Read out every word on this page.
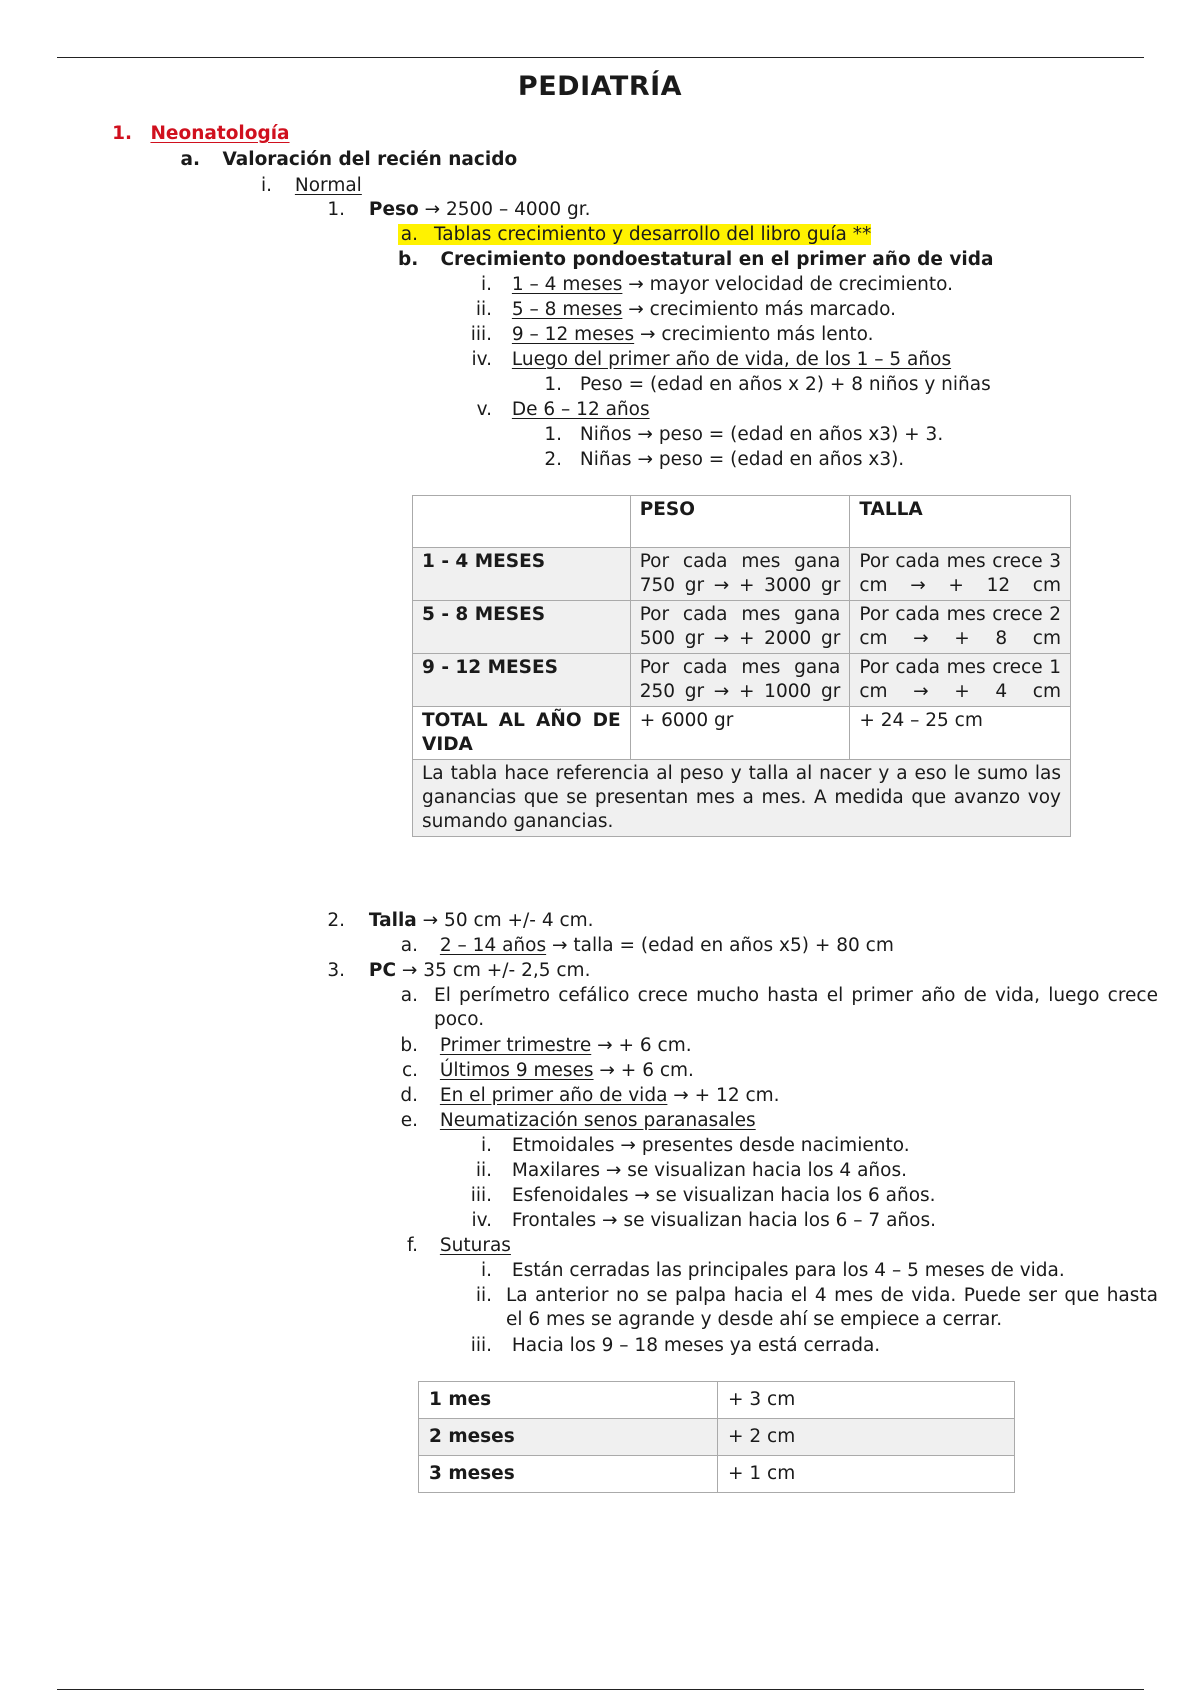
PEDIATRÍA
1. Neonatología
a. Valoración del recién nacido
i. Normal
1. Peso → 2500 – 4000 gr.
a. Tablas crecimiento y desarrollo del libro guía **
b. Crecimiento pondoestatural en el primer año de vida
i. 1 – 4 meses → mayor velocidad de crecimiento.
ii. 5 – 8 meses → crecimiento más marcado.
iii. 9 – 12 meses → crecimiento más lento.
iv. Luego del primer año de vida, de los 1 – 5 años
1. Peso = (edad en años x 2) + 8 niños y niñas
v. De 6 – 12 años
1. Niños → peso = (edad en años x3) + 3.
2. Niñas → peso = (edad en años x3).
	PESO	TALLA
1 - 4 MESES	Por cada mes gana 750 gr → + 3000 gr	Por cada mes crece 3 cm → + 12 cm
5 - 8 MESES	Por cada mes gana 500 gr → + 2000 gr	Por cada mes crece 2 cm → + 8 cm
9 - 12 MESES	Por cada mes gana 250 gr → + 1000 gr	Por cada mes crece 1 cm → + 4 cm
TOTAL AL AÑO DE VIDA	+ 6000 gr	+ 24 – 25 cm
La tabla hace referencia al peso y talla al nacer y a eso le sumo las ganancias que se presentan mes a mes. A medida que avanzo voy sumando ganancias.		
2. Talla → 50 cm +/- 4 cm.
a. 2 – 14 años → talla = (edad en años x5) + 80 cm
3. PC → 35 cm +/- 2,5 cm.
a. El perímetro cefálico crece mucho hasta el primer año de vida, luego crece poco.
b. Primer trimestre → + 6 cm.
c. Últimos 9 meses → + 6 cm.
d. En el primer año de vida → + 12 cm.
e. Neumatización senos paranasales
i. Etmoidales → presentes desde nacimiento.
ii. Maxilares → se visualizan hacia los 4 años.
iii. Esfenoidales → se visualizan hacia los 6 años.
iv. Frontales → se visualizan hacia los 6 – 7 años.
f. Suturas
i. Están cerradas las principales para los 4 – 5 meses de vida.
ii. La anterior no se palpa hacia el 4 mes de vida. Puede ser que hasta el 6 mes se agrande y desde ahí se empiece a cerrar.
iii. Hacia los 9 – 18 meses ya está cerrada.
1 mes	+ 3 cm
2 meses	+ 2 cm
3 meses	+ 1 cm
